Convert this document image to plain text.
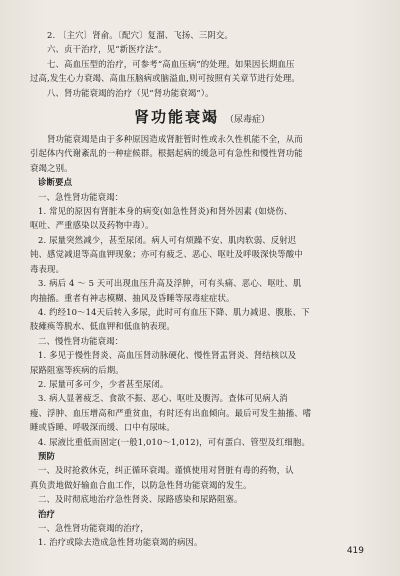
2. 〔主穴〕肾俞。〔配穴〕复溜、飞扬、三阴交。
六、贞干治疗，见“新医疗法”。
七、高血压型的治疗，可参考“高血压病”的处理。如果因长期血压
过高,发生心力衰竭、高血压脑病或脑溢血,则可按照有关章节进行处理。
八、肾功能衰竭的治疗（见“肾功能衰竭”）。
肾功能衰竭 （尿毒症）
肾功能衰竭是由于多种原因造成肾脏暂时性或永久性机能不全，从而
引起体内代谢紊乱的一种症候群。根据起病的缓急可有急性和慢性肾功能
衰竭之别。
诊断要点
一、急性肾功能衰竭：
1. 常见的原因有肾脏本身的病变(如急性肾炎)和肾外因素 (如烧伤、
呕吐、严重感染以及药物中毒）。
2. 尿量突然减少，甚至尿闭。病人可有烦躁不安、肌肉软弱、反射迟
钝、感觉减退等高血钾现象；亦可有疲乏、恶心、呕吐及呼吸深快等酸中
毒表现。
3. 病后 4 ～ 5 天可出现血压升高及浮肿，可有头痛、恶心、呕吐、肌
肉抽搐。重者有神志模糊、抽风及昏睡等尿毒症症状。
4. 约经10～14天后转入多尿，此时可有血压下降、肌力减退、腹胀、下
肢瘫痪等脱水、低血钾和低血钠表现。
二、慢性肾功能衰竭：
1. 多见于慢性肾炎、高血压肾动脉硬化、慢性肾盂肾炎、肾结核以及
尿路阻塞等疾病的后期。
2. 尿量可多可少，少者甚至尿闭。
3. 病人显著疲乏、食欲不振、恶心、呕吐及腹泻。查体可见病人消
瘦、浮肿、血压增高和严重贫血，有时还有出血倾向。最后可发生抽搐、嗜
睡或昏睡、呼吸深而缓、口中有尿味。
4. 尿液比重低而固定(一般1,010～1,012)，可有蛋白、管型及红细胞。
预防
一、及时抢救休克，纠正循环衰竭。谨慎使用对肾脏有毒的药物，认
真负责地做好输血合血工作，以防急性肾功能衰竭的发生。
二、及时彻底地治疗急性肾炎、尿路感染和尿路阻塞。
治疗
一、急性肾功能衰竭的治疗，
1. 治疗或除去造成急性肾功能衰竭的病因。
419
